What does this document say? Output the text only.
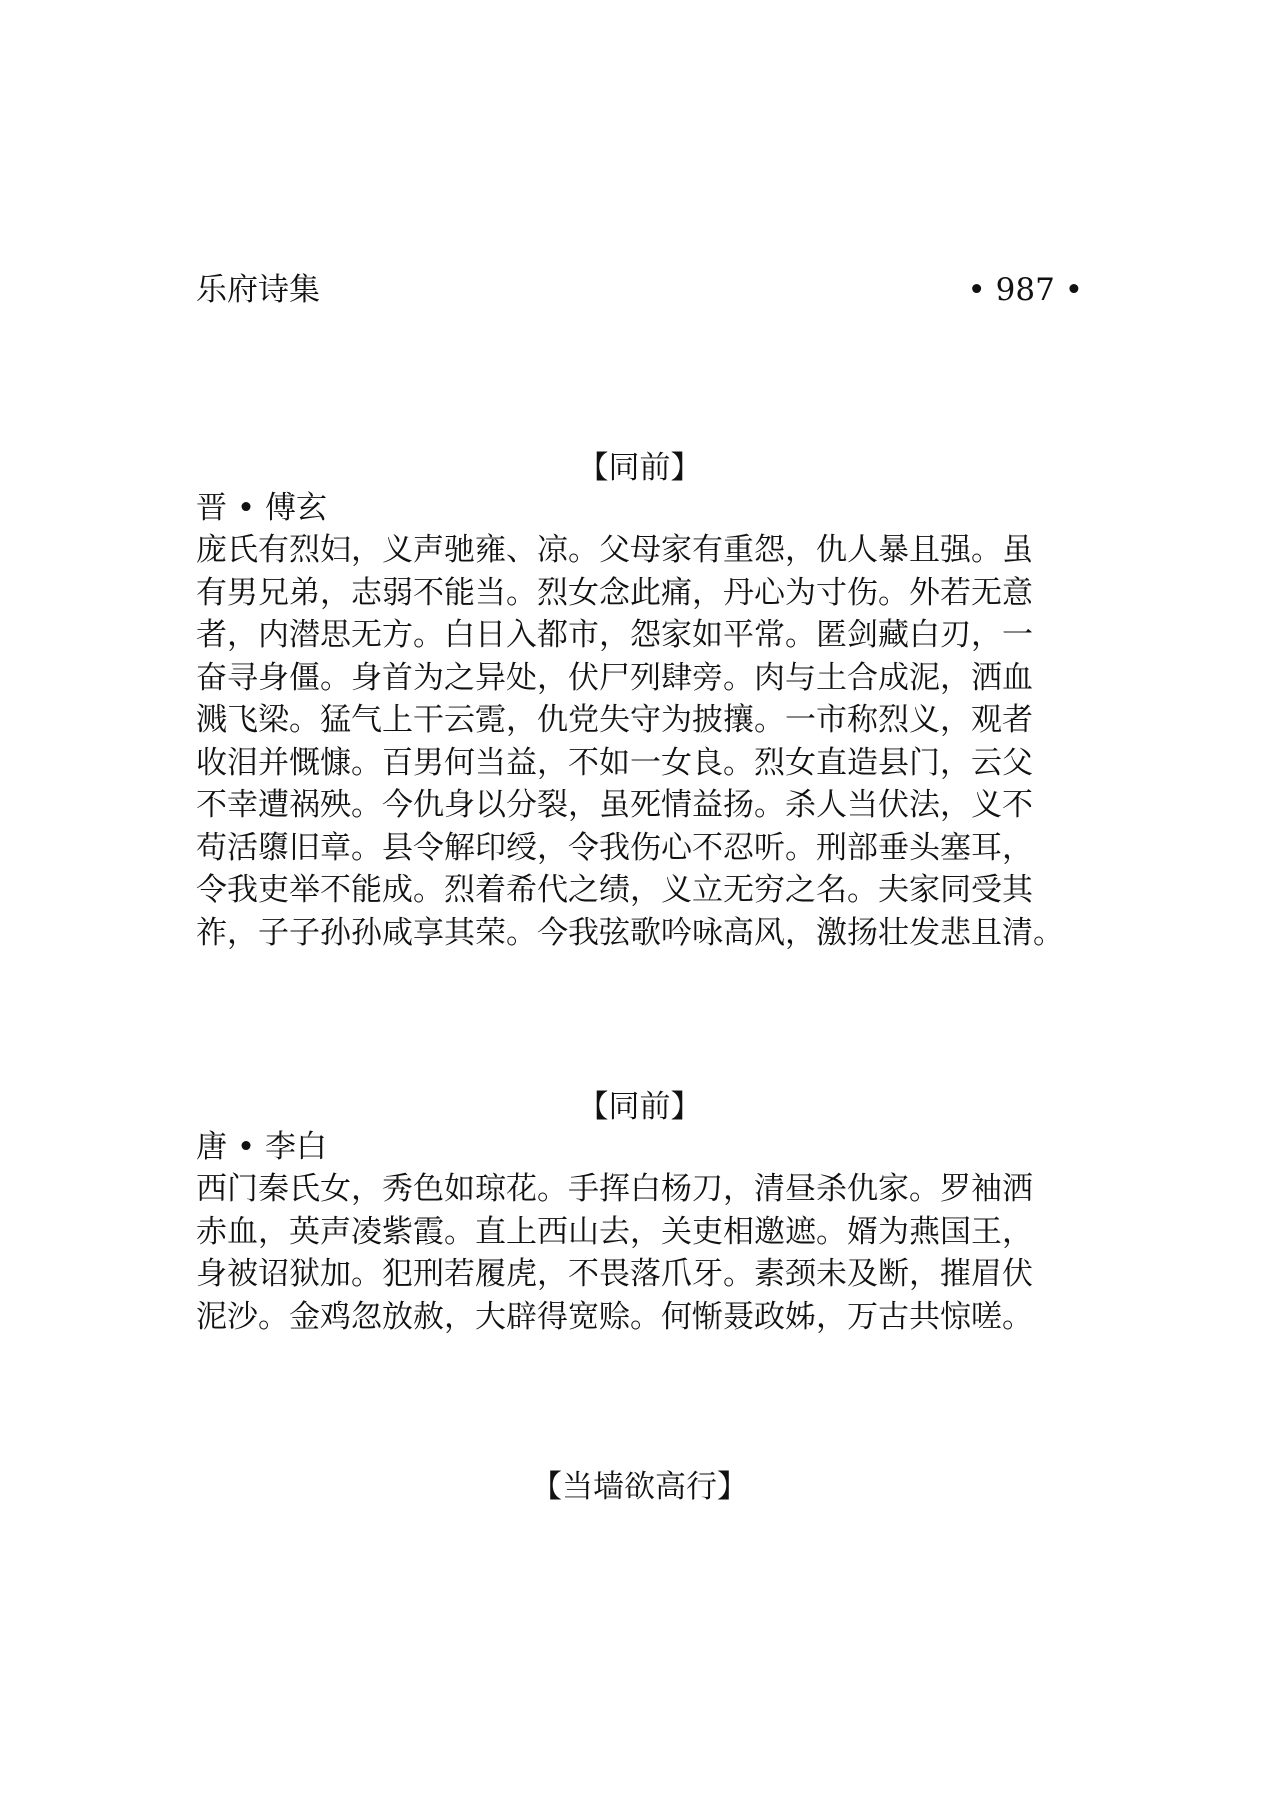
乐府诗集	• 987 •
【同前】
晋 • 傅玄
庞氏有烈妇，义声驰雍、凉。父母家有重怨，仇人暴且强。虽
有男兄弟，志弱不能当。烈女念此痛，丹心为寸伤。外若无意
者，内潜思无方。白日入都市，怨家如平常。匿剑藏白刃，一
奋寻身僵。身首为之异处，伏尸列肆旁。肉与土合成泥，洒血
溅飞梁。猛气上干云霓，仇党失守为披攘。一市称烈义，观者
收泪并慨慷。百男何当益，不如一女良。烈女直造县门，云父
不幸遭祸殃。今仇身以分裂，虽死情益扬。杀人当伏法，义不
苟活隳旧章。县令解印绶，令我伤心不忍听。刑部垂头塞耳，
令我吏举不能成。烈着希代之绩，义立无穷之名。夫家同受其
祚，子子孙孙咸享其荣。今我弦歌吟咏高风，激扬壮发悲且清。
【同前】
唐 • 李白
西门秦氏女，秀色如琼花。手挥白杨刀，清昼杀仇家。罗袖洒
赤血，英声凌紫霞。直上西山去，关吏相邀遮。婿为燕国王，
身被诏狱加。犯刑若履虎，不畏落爪牙。素颈未及断，摧眉伏
泥沙。金鸡忽放赦，大辟得宽赊。何惭聂政姊，万古共惊嗟。
【当墙欲高行】
